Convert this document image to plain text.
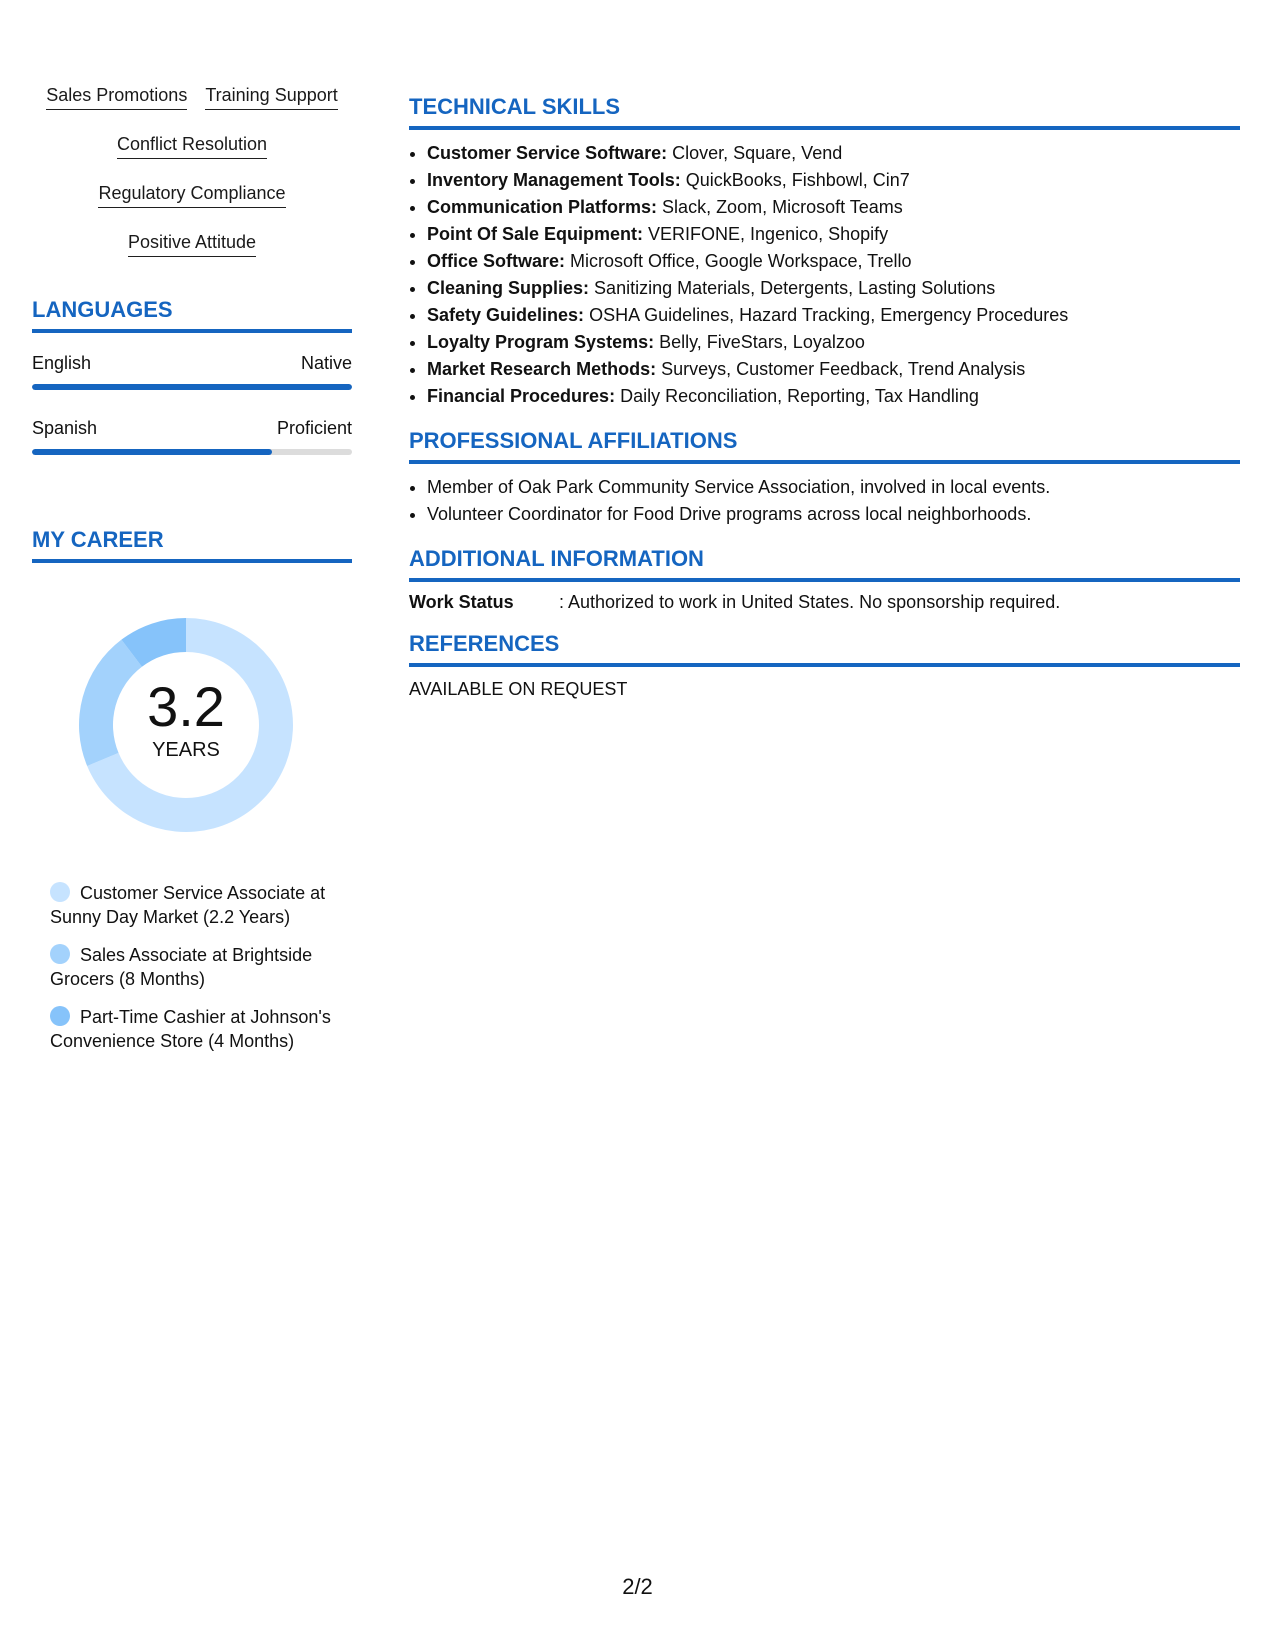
Sales Promotions Training Support
Conflict Resolution
Regulatory Compliance
Positive Attitude
LANGUAGES
English	Native
Spanish	Proficient
MY CAREER
3.2
YEARS
Customer Service Associate at Sunny Day Market (2.2 Years)
Sales Associate at Brightside Grocers (8 Months)
Part-Time Cashier at Johnson's Convenience Store (4 Months)
TECHNICAL SKILLS
• Customer Service Software: Clover, Square, Vend
• Inventory Management Tools: QuickBooks, Fishbowl, Cin7
• Communication Platforms: Slack, Zoom, Microsoft Teams
• Point Of Sale Equipment: VERIFONE, Ingenico, Shopify
• Office Software: Microsoft Office, Google Workspace, Trello
• Cleaning Supplies: Sanitizing Materials, Detergents, Lasting Solutions
• Safety Guidelines: OSHA Guidelines, Hazard Tracking, Emergency Procedures
• Loyalty Program Systems: Belly, FiveStars, Loyalzoo
• Market Research Methods: Surveys, Customer Feedback, Trend Analysis
• Financial Procedures: Daily Reconciliation, Reporting, Tax Handling
PROFESSIONAL AFFILIATIONS
• Member of Oak Park Community Service Association, involved in local events.
• Volunteer Coordinator for Food Drive programs across local neighborhoods.
ADDITIONAL INFORMATION
Work Status	: Authorized to work in United States. No sponsorship required.
REFERENCES
AVAILABLE ON REQUEST
2/2
